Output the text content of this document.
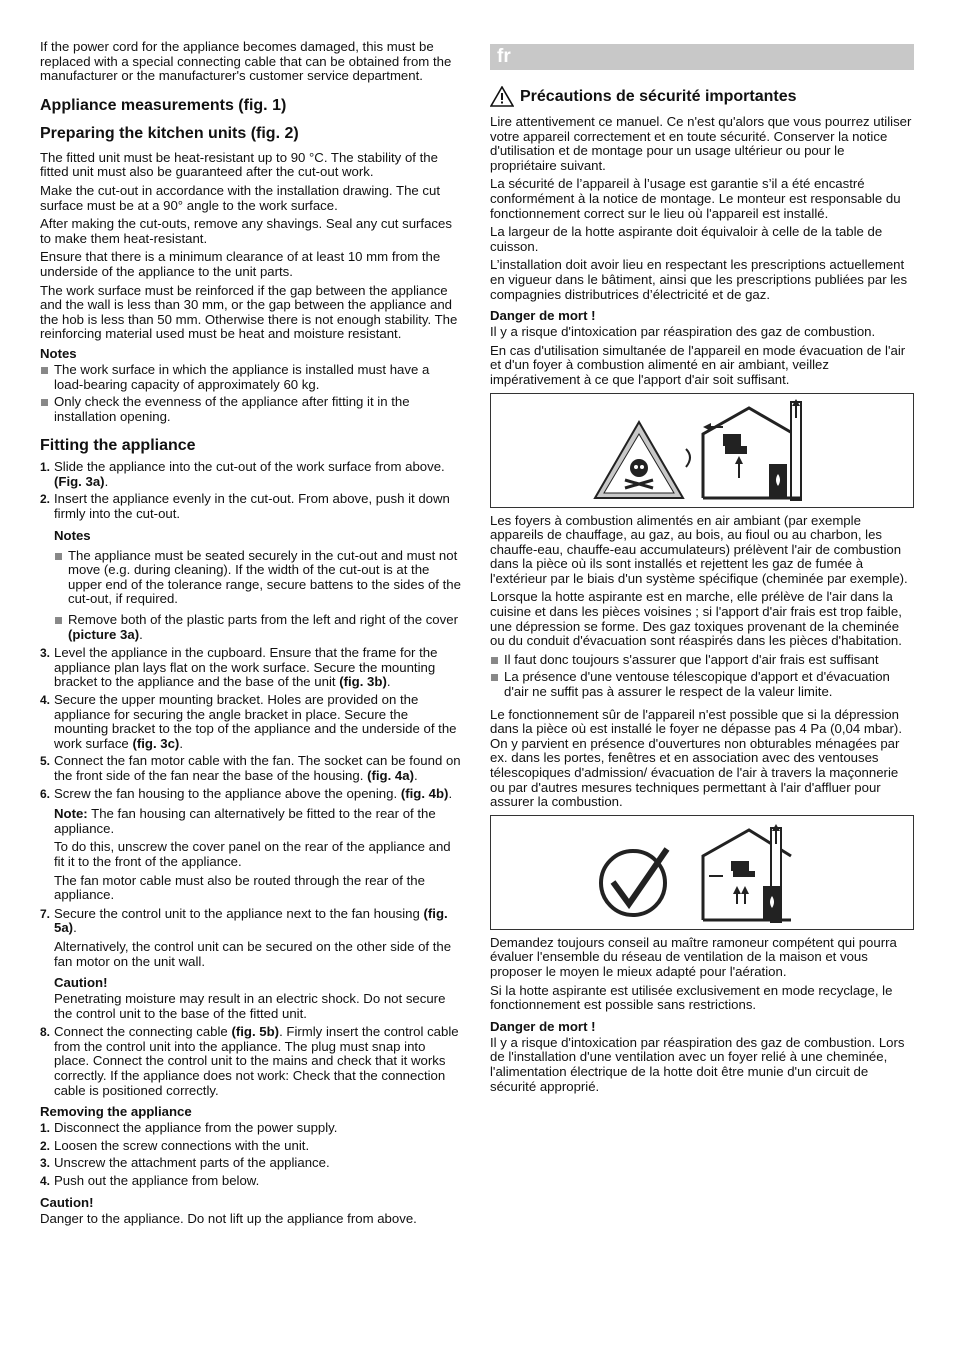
If the power cord for the appliance becomes damaged, this must be replaced with a special connecting cable that can be obtained from the manufacturer or the manufacturer's customer service department.

Appliance measurements (fig. 1)
Preparing the kitchen units (fig. 2)

The fitted unit must be heat-resistant up to 90 °C. The stability of the fitted unit must also be guaranteed after the cut-out work.

Make the cut-out in accordance with the installation drawing. The cut surface must be at a 90° angle to the work surface.

After making the cut-outs, remove any shavings. Seal any cut surfaces to make them heat-resistant.

Ensure that there is a minimum clearance of at least 10 mm from the underside of the appliance to the unit parts.

The work surface must be reinforced if the gap between the appliance and the wall is less than 30 mm, or the gap between the appliance and the hob is less than 50 mm. Otherwise there is not enough stability. The reinforcing material used must be heat and moisture resistant.

Notes
The work surface in which the appliance is installed must have a load-bearing capacity of approximately 60 kg.
Only check the evenness of the appliance after fitting it in the installation opening.
Fitting the appliance
1. Slide the appliance into the cut-out of the work surface from above. (Fig. 3a).
2. Insert the appliance evenly in the cut-out. From above, push it down firmly into the cut-out.
Notes
The appliance must be seated securely in the cut-out and must not move (e.g. during cleaning). If the width of the cut-out is at the upper end of the tolerance range, secure battens to the sides of the cut-out, if required.
Remove both of the plastic parts from the left and right of the cover (picture 3a).
3. Level the appliance in the cupboard. Ensure that the frame for the appliance plan lays flat on the work surface. Secure the mounting bracket to the appliance and the base of the unit (fig. 3b).
4. Secure the upper mounting bracket. Holes are provided on the appliance for securing the angle bracket in place. Secure the mounting bracket to the top of the appliance and the underside of the work surface (fig. 3c).
5. Connect the fan motor cable with the fan. The socket can be found on the front side of the fan near the base of the housing. (fig. 4a).
6. Screw the fan housing to the appliance above the opening. (fig. 4b).

Note: The fan housing can alternatively be fitted to the rear of the appliance.

To do this, unscrew the cover panel on the rear of the appliance and fit it to the front of the appliance.

The fan motor cable must also be routed through the rear of the appliance.

7. Secure the control unit to the appliance next to the fan housing (fig. 5a).

Alternatively, the control unit can be secured on the other side of the fan motor on the unit wall.

Caution!

Penetrating moisture may result in an electric shock. Do not secure the control unit to the base of the fitted unit.

8. Connect the connecting cable (fig. 5b). Firmly insert the control cable from the control unit into the appliance. The plug must snap into place. Connect the control unit to the mains and check that it works correctly. If the appliance does not work: Check that the connection cable is positioned correctly.
Removing the appliance
1. Disconnect the appliance from the power supply.
2. Loosen the screw connections with the unit.
3. Unscrew the attachment parts of the appliance.
4. Push out the appliance from below.
Caution!

Danger to the appliance. Do not lift up the appliance from above.

fr
Précautions de sécurité importantes

Lire attentivement ce manuel. Ce n'est qu'alors que vous pourrez utiliser votre appareil correctement et en toute sécurité. Conserver la notice d'utilisation et de montage pour un usage ultérieur ou pour le propriétaire suivant.

La sécurité de l’appareil à l’usage est garantie s’il a été encastré conformément à la notice de montage. Le monteur est responsable du fonctionnement correct sur le lieu où l'appareil est installé.

La largeur de la hotte aspirante doit équivaloir à celle de la table de cuisson.

L’installation doit avoir lieu en respectant les prescriptions actuellement en vigueur dans le bâtiment, ainsi que les prescriptions publiées par les compagnies distributrices d’électricité et de gaz.

Danger de mort !

Il y a risque d'intoxication par réaspiration des gaz de combustion.

En cas d'utilisation simultanée de l'appareil en mode évacuation de l'air et d'un foyer à combustion alimenté en air ambiant, veillez impérativement à ce que l'apport d'air soit suffisant.

Les foyers à combustion alimentés en air ambiant (par exemple appareils de chauffage, au gaz, au bois, au fioul ou au charbon, les chauffe-eau, chauffe-eau accumulateurs) prélèvent l'air de combustion dans la pièce où ils sont installés et rejettent les gaz de fumée à l'extérieur par le biais d'un système spécifique (cheminée par exemple).

Lorsque la hotte aspirante est en marche, elle prélève de l'air dans la cuisine et dans les pièces voisines ; si l'apport d'air frais est trop faible, une dépression se forme. Des gaz toxiques provenant de la cheminée ou du conduit d'évacuation sont réaspirés dans les pièces d'habitation.

Il faut donc toujours s'assurer que l'apport d'air frais est suffisant
La présence d'une ventouse télescopique d'apport et d'évacuation d'air ne suffit pas à assurer le respect de la valeur limite.

Le fonctionnement sûr de l'appareil n'est possible que si la dépression dans la pièce où est installé le foyer ne dépasse pas 4 Pa (0,04 mbar). On y parvient en présence d'ouvertures non obturables ménagées par ex. dans les portes, fenêtres et en association avec des ventouses télescopiques d'admission/ évacuation de l'air à travers la maçonnerie ou par d'autres mesures techniques permettant à l'air d'affluer pour assurer la combustion.

Demandez toujours conseil au maître ramoneur compétent qui pourra évaluer l'ensemble du réseau de ventilation de la maison et vous proposer le moyen le mieux adapté pour l'aération.

Si la hotte aspirante est utilisée exclusivement en mode recyclage, le fonctionnement est possible sans restrictions.

Danger de mort !

Il y a risque d'intoxication par réaspiration des gaz de combustion. Lors de l'installation d'une ventilation avec un foyer relié à une cheminée, l'alimentation électrique de la hotte doit être munie d'un circuit de sécurité approprié.
